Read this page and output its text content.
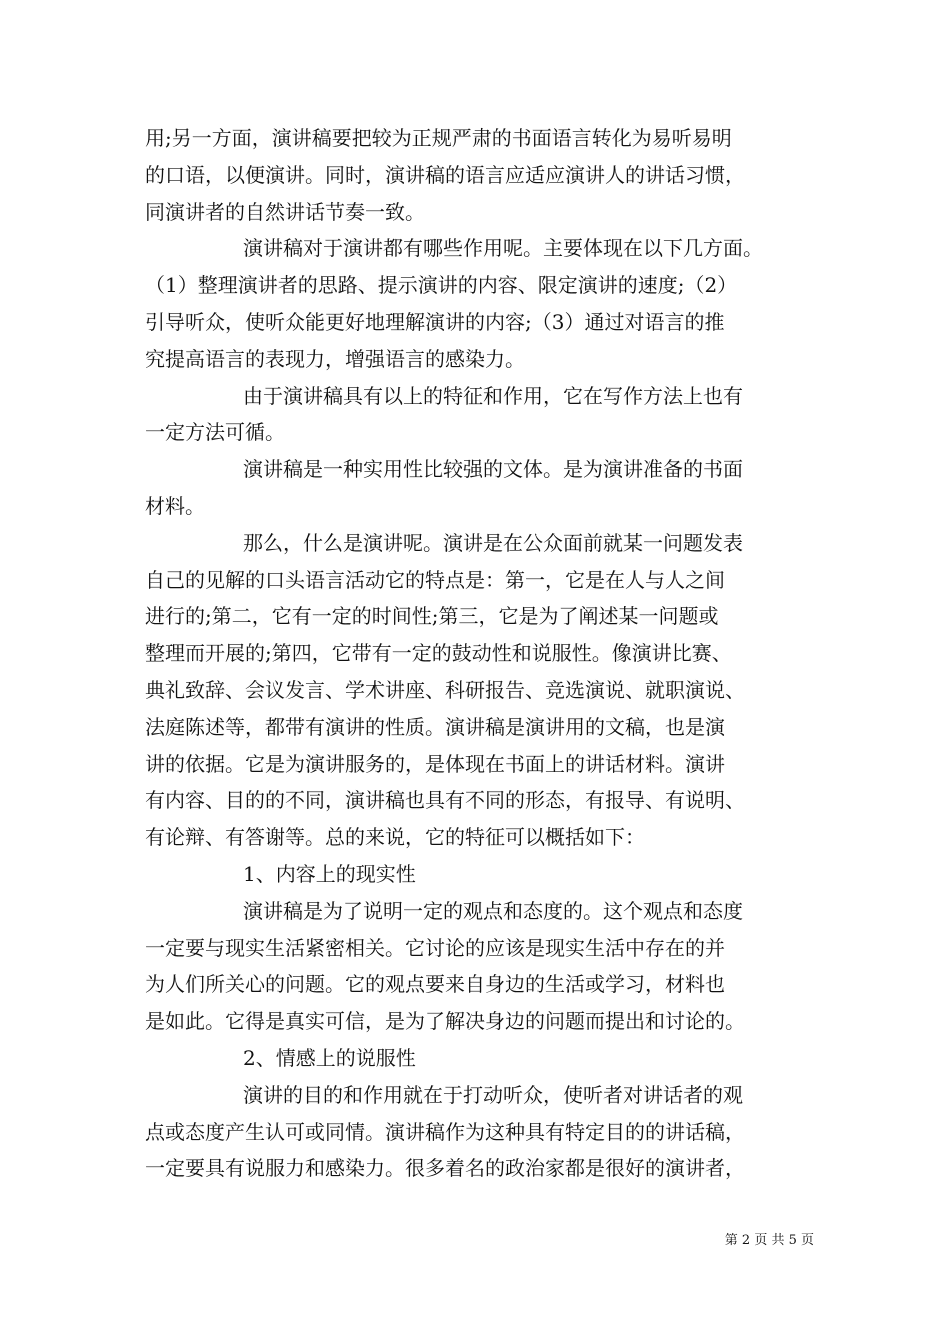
用;另一方面，演讲稿要把较为正规严肃的书面语言转化为易听易明
的口语，以便演讲。同时，演讲稿的语言应适应演讲人的讲话习惯，
同演讲者的自然讲话节奏一致。
演讲稿对于演讲都有哪些作用呢。主要体现在以下几方面。
（1）整理演讲者的思路、提示演讲的内容、限定演讲的速度;（2）
引导听众，使听众能更好地理解演讲的内容;（3）通过对语言的推
究提高语言的表现力，增强语言的感染力。
由于演讲稿具有以上的特征和作用，它在写作方法上也有
一定方法可循。
演讲稿是一种实用性比较强的文体。是为演讲准备的书面
材料。
那么，什么是演讲呢。演讲是在公众面前就某一问题发表
自己的见解的口头语言活动它的特点是：第一，它是在人与人之间
进行的;第二，它有一定的时间性;第三，它是为了阐述某一问题或
整理而开展的;第四，它带有一定的鼓动性和说服性。像演讲比赛、
典礼致辞、会议发言、学术讲座、科研报告、竞选演说、就职演说、
法庭陈述等，都带有演讲的性质。演讲稿是演讲用的文稿，也是演
讲的依据。它是为演讲服务的，是体现在书面上的讲话材料。演讲
有内容、目的的不同，演讲稿也具有不同的形态，有报导、有说明、
有论辩、有答谢等。总的来说，它的特征可以概括如下：
1、内容上的现实性
演讲稿是为了说明一定的观点和态度的。这个观点和态度
一定要与现实生活紧密相关。它讨论的应该是现实生活中存在的并
为人们所关心的问题。它的观点要来自身边的生活或学习，材料也
是如此。它得是真实可信，是为了解决身边的问题而提出和讨论的。
2、情感上的说服性
演讲的目的和作用就在于打动听众，使听者对讲话者的观
点或态度产生认可或同情。演讲稿作为这种具有特定目的的讲话稿，
一定要具有说服力和感染力。很多着名的政治家都是很好的演讲者，
第 2 页 共 5 页
